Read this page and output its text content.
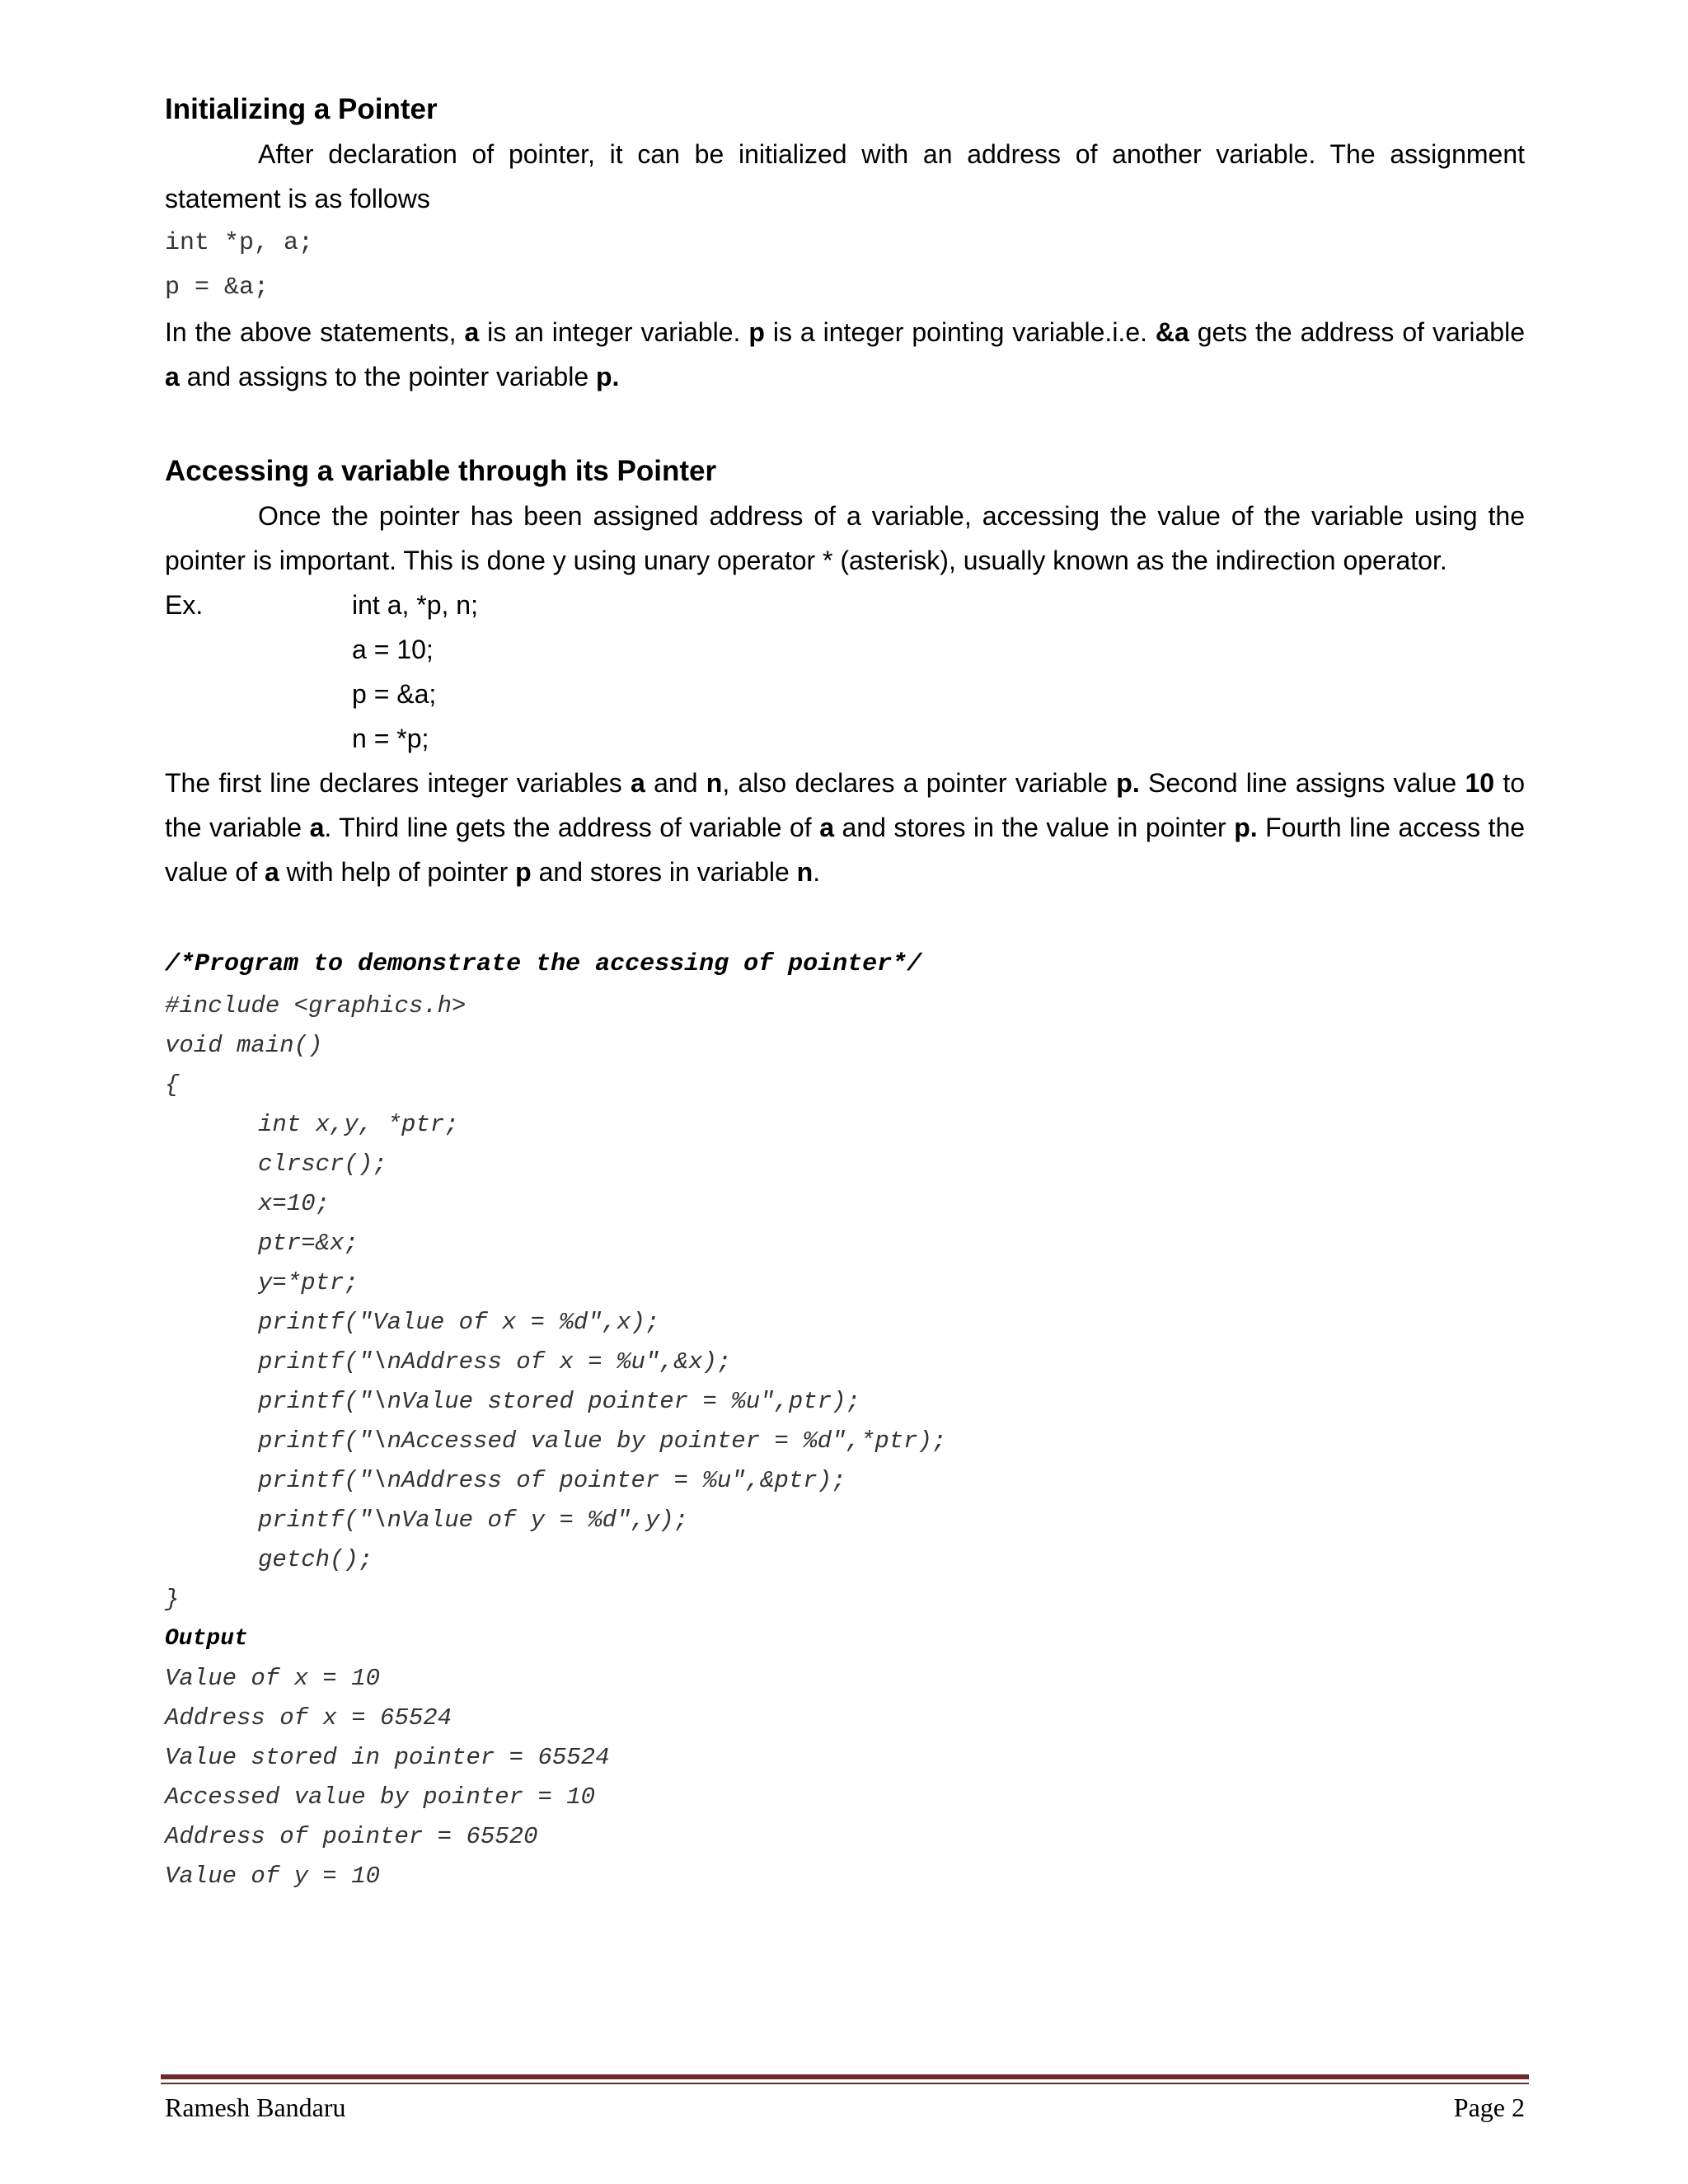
Initializing a Pointer

After declaration of pointer, it can be initialized with an address of another variable. The assignment statement is as follows

int *p, a;
p = &a;

In the above statements, a is an integer variable. p is a integer pointing variable.i.e. &a gets the address of variable a and assigns to the pointer variable p.

Accessing a variable through its Pointer

Once the pointer has been assigned address of a variable, accessing the value of the variable using the pointer is important. This is done y using unary operator * (asterisk), usually known as the indirection operator.

Ex.	int a, *p, n;
a = 10;
p = &a;
n = *p;

The first line declares integer variables a and n, also declares a pointer variable p. Second line assigns value 10 to the variable a. Third line gets the address of variable of a and stores in the value in pointer p. Fourth line access the value of a with help of pointer p and stores in variable n.

/*Program to demonstrate the accessing of pointer*/
#include <graphics.h>
void main()
{
int x,y, *ptr;
clrscr();
x=10;
ptr=&x;
y=*ptr;
printf("Value of x = %d",x);
printf("\nAddress of x = %u",&x);
printf("\nValue stored pointer = %u",ptr);
printf("\nAccessed value by pointer = %d",*ptr);
printf("\nAddress of pointer = %u",&ptr);
printf("\nValue of y = %d",y);
getch();
}
Output
Value of x = 10
Address of x = 65524
Value stored in pointer = 65524
Accessed value by pointer = 10
Address of pointer = 65520
Value of y = 10
Ramesh Bandaru	Page 2
